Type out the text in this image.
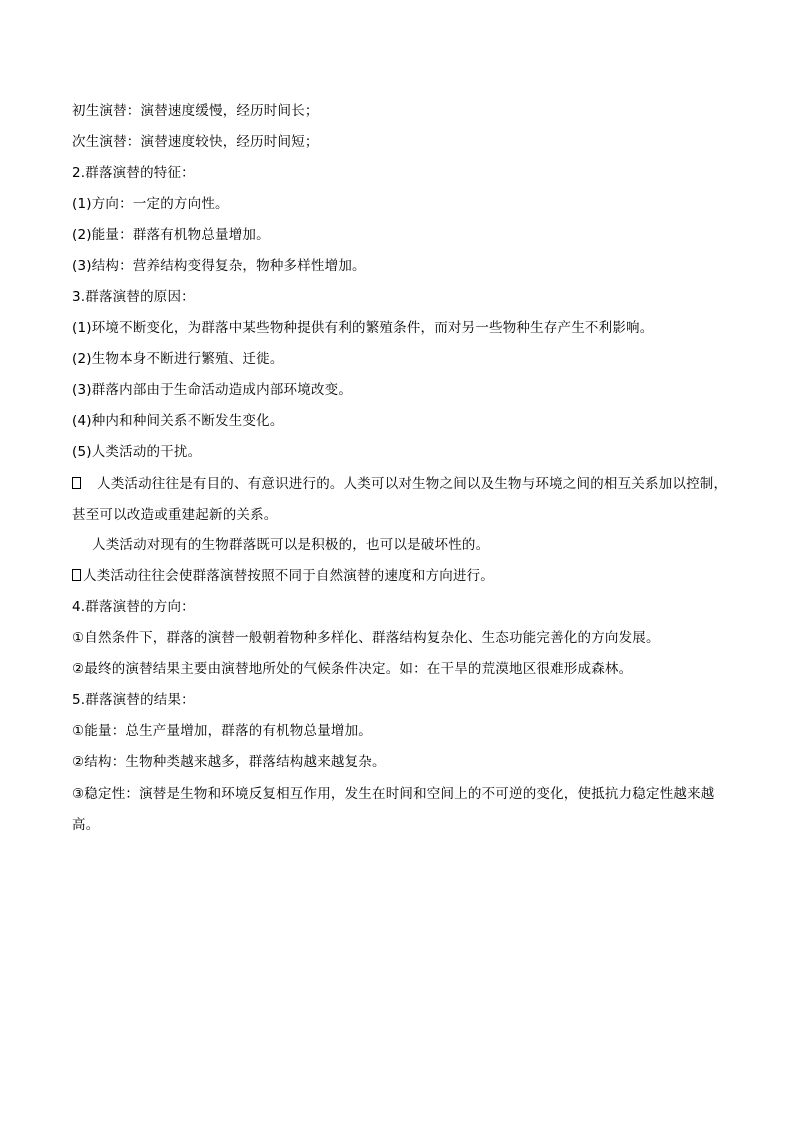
初生演替：演替速度缓慢，经历时间长；
次生演替：演替速度较快，经历时间短；
2.群落演替的特征：
(1)方向：一定的方向性。
(2)能量：群落有机物总量增加。
(3)结构：营养结构变得复杂，物种多样性增加。
3.群落演替的原因：
(1)环境不断变化，为群落中某些物种提供有利的繁殖条件，而对另一些物种生存产生不利影响。
(2)生物本身不断进行繁殖、迁徙。
(3)群落内部由于生命活动造成内部环境改变。
(4)种内和种间关系不断发生变化。
(5)人类活动的干扰。
人类活动往往是有目的、有意识进行的。人类可以对生物之间以及生物与环境之间的相互关系加以控制，甚至可以改造或重建起新的关系。
人类活动对现有的生物群落既可以是积极的，也可以是破坏性的。
人类活动往往会使群落演替按照不同于自然演替的速度和方向进行。
4.群落演替的方向：
①自然条件下，群落的演替一般朝着物种多样化、群落结构复杂化、生态功能完善化的方向发展。
②最终的演替结果主要由演替地所处的气候条件决定。如：在干旱的荒漠地区很难形成森林。
5.群落演替的结果：
①能量：总生产量增加，群落的有机物总量增加。
②结构：生物种类越来越多，群落结构越来越复杂。
③稳定性：演替是生物和环境反复相互作用，发生在时间和空间上的不可逆的变化，使抵抗力稳定性越来越高。
